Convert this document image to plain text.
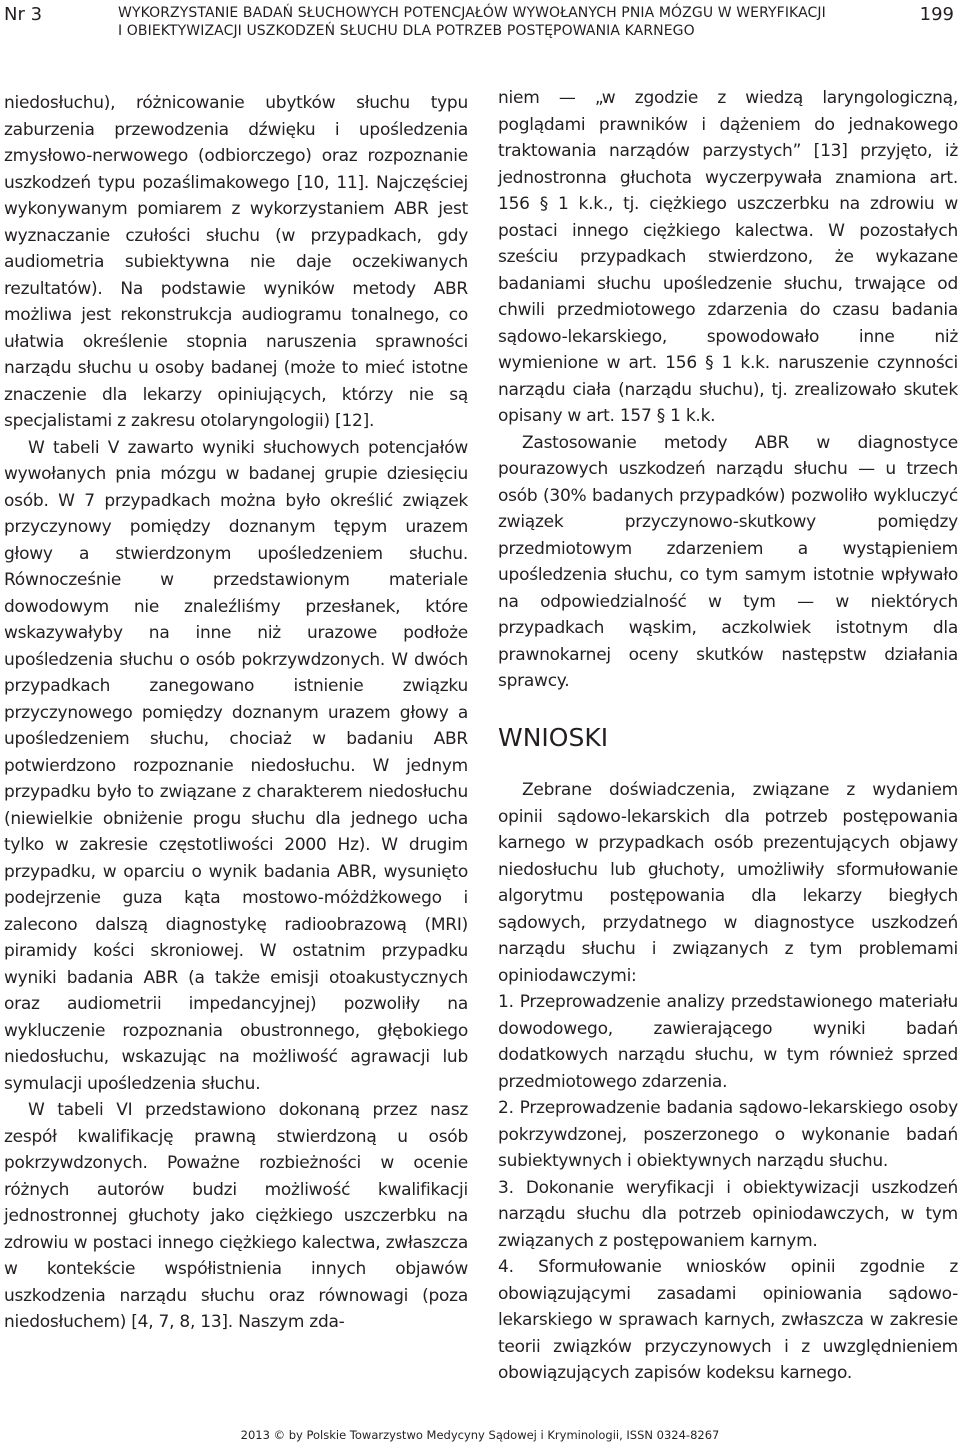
Nr 3	WYKORZYSTANIE BADAŃ SŁUCHOWYCH POTENCJAŁÓW WYWOŁANYCH PNIA MÓZGU W WERYFIKACJI
I OBIEKTYWIZACJI USZKODZEŃ SŁUCHU DLA POTRZEB POSTĘPOWANIA KARNEGO
199

niedosłuchu), różnicowanie ubytków słuchu typu zaburzenia przewodzenia dźwięku i upośledzenia zmysłowo-nerwowego (odbiorczego) oraz rozpoznanie uszkodzeń typu pozaślimakowego [10, 11]. Najczęściej wykonywanym pomiarem z wykorzystaniem ABR jest wyznaczanie czułości słuchu (w przypadkach, gdy audiometria subiektywna nie daje oczekiwanych rezultatów). Na podstawie wyników metody ABR możliwa jest rekonstrukcja audiogramu tonalnego, co ułatwia określenie stopnia naruszenia sprawności narządu słuchu u osoby badanej (może to mieć istotne znaczenie dla lekarzy opiniujących, którzy nie są specjalistami z zakresu otolaryngologii) [12].

W tabeli V zawarto wyniki słuchowych potencjałów wywołanych pnia mózgu w badanej grupie dziesięciu osób. W 7 przypadkach można było określić związek przyczynowy pomiędzy doznanym tępym urazem głowy a stwierdzonym upośledzeniem słuchu. Równocześnie w przedstawionym materiale dowodowym nie znaleźliśmy przesłanek, które wskazywałyby na inne niż urazowe podłoże upośledzenia słuchu o osób pokrzywdzonych. W dwóch przypadkach zanegowano istnienie związku przyczynowego pomiędzy doznanym urazem głowy a upośledzeniem słuchu, chociaż w badaniu ABR potwierdzono rozpoznanie niedosłuchu. W jednym przypadku było to związane z charakterem niedosłuchu (niewielkie obniżenie progu słuchu dla jednego ucha tylko w zakresie częstotliwości 2000 Hz). W drugim przypadku, w oparciu o wynik badania ABR, wysunięto podejrzenie guza kąta mostowo-móżdżkowego i zalecono dalszą diagnostykę radioobrazową (MRI) piramidy kości skroniowej. W ostatnim przypadku wyniki badania ABR (a także emisji otoakustycznych oraz audiometrii impedancyjnej) pozwoliły na wykluczenie rozpoznania obustronnego, głębokiego niedosłuchu, wskazując na możliwość agrawacji lub symulacji upośledzenia słuchu.

W tabeli VI przedstawiono dokonaną przez nasz zespół kwalifikację prawną stwierdzoną u osób pokrzywdzonych. Poważne rozbieżności w ocenie różnych autorów budzi możliwość kwalifikacji jednostronnej głuchoty jako ciężkiego uszczerbku na zdrowiu w postaci innego ciężkiego kalectwa, zwłaszcza w kontekście współistnienia innych objawów uszkodzenia narządu słuchu oraz równowagi (poza niedosłuchem) [4, 7, 8, 13]. Naszym zda-

niem — „w zgodzie z wiedzą laryngologiczną, poglądami prawników i dążeniem do jednakowego traktowania narządów parzystych” [13] przyjęto, iż jednostronna głuchota wyczerpywała znamiona art. 156 § 1 k.k., tj. ciężkiego uszczerbku na zdrowiu w postaci innego ciężkiego kalectwa. W pozostałych sześciu przypadkach stwierdzono, że wykazane badaniami słuchu upośledzenie słuchu, trwające od chwili przedmiotowego zdarzenia do czasu badania sądowo-lekarskiego, spowodowało inne niż wymienione w art. 156 § 1 k.k. naruszenie czynności narządu ciała (narządu słuchu), tj. zrealizowało skutek opisany w art. 157 § 1 k.k.

Zastosowanie metody ABR w diagnostyce pourazowych uszkodzeń narządu słuchu — u trzech osób (30% badanych przypadków) pozwoliło wykluczyć związek przyczynowo-skutkowy pomiędzy przedmiotowym zdarzeniem a wystąpieniem upośledzenia słuchu, co tym samym istotnie wpływało na odpowiedzialność w tym — w niektórych przypadkach wąskim, aczkolwiek istotnym dla prawnokarnej oceny skutków następstw działania sprawcy.

WNIOSKI

Zebrane doświadczenia, związane z wydaniem opinii sądowo-lekarskich dla potrzeb postępowania karnego w przypadkach osób prezentujących objawy niedosłuchu lub głuchoty, umożliwiły sformułowanie algorytmu postępowania dla lekarzy biegłych sądowych, przydatnego w diagnostyce uszkodzeń narządu słuchu i związanych z tym problemami opiniodawczymi:

1. Przeprowadzenie analizy przedstawionego materiału dowodowego, zawierającego wyniki badań dodatkowych narządu słuchu, w tym również sprzed przedmiotowego zdarzenia.

2. Przeprowadzenie badania sądowo-lekarskiego osoby pokrzywdzonej, poszerzonego o wykonanie badań subiektywnych i obiektywnych narządu słuchu.

3. Dokonanie weryfikacji i obiektywizacji uszkodzeń narządu słuchu dla potrzeb opiniodawczych, w tym związanych z postępowaniem karnym.

4. Sformułowanie wniosków opinii zgodnie z obowiązującymi zasadami opiniowania sądowo-lekarskiego w sprawach karnych, zwłaszcza w zakresie teorii związków przyczynowych i z uwzględnieniem obowiązujących zapisów kodeksu karnego.

2013 © by Polskie Towarzystwo Medycyny Sądowej i Kryminologii, ISSN 0324-8267
